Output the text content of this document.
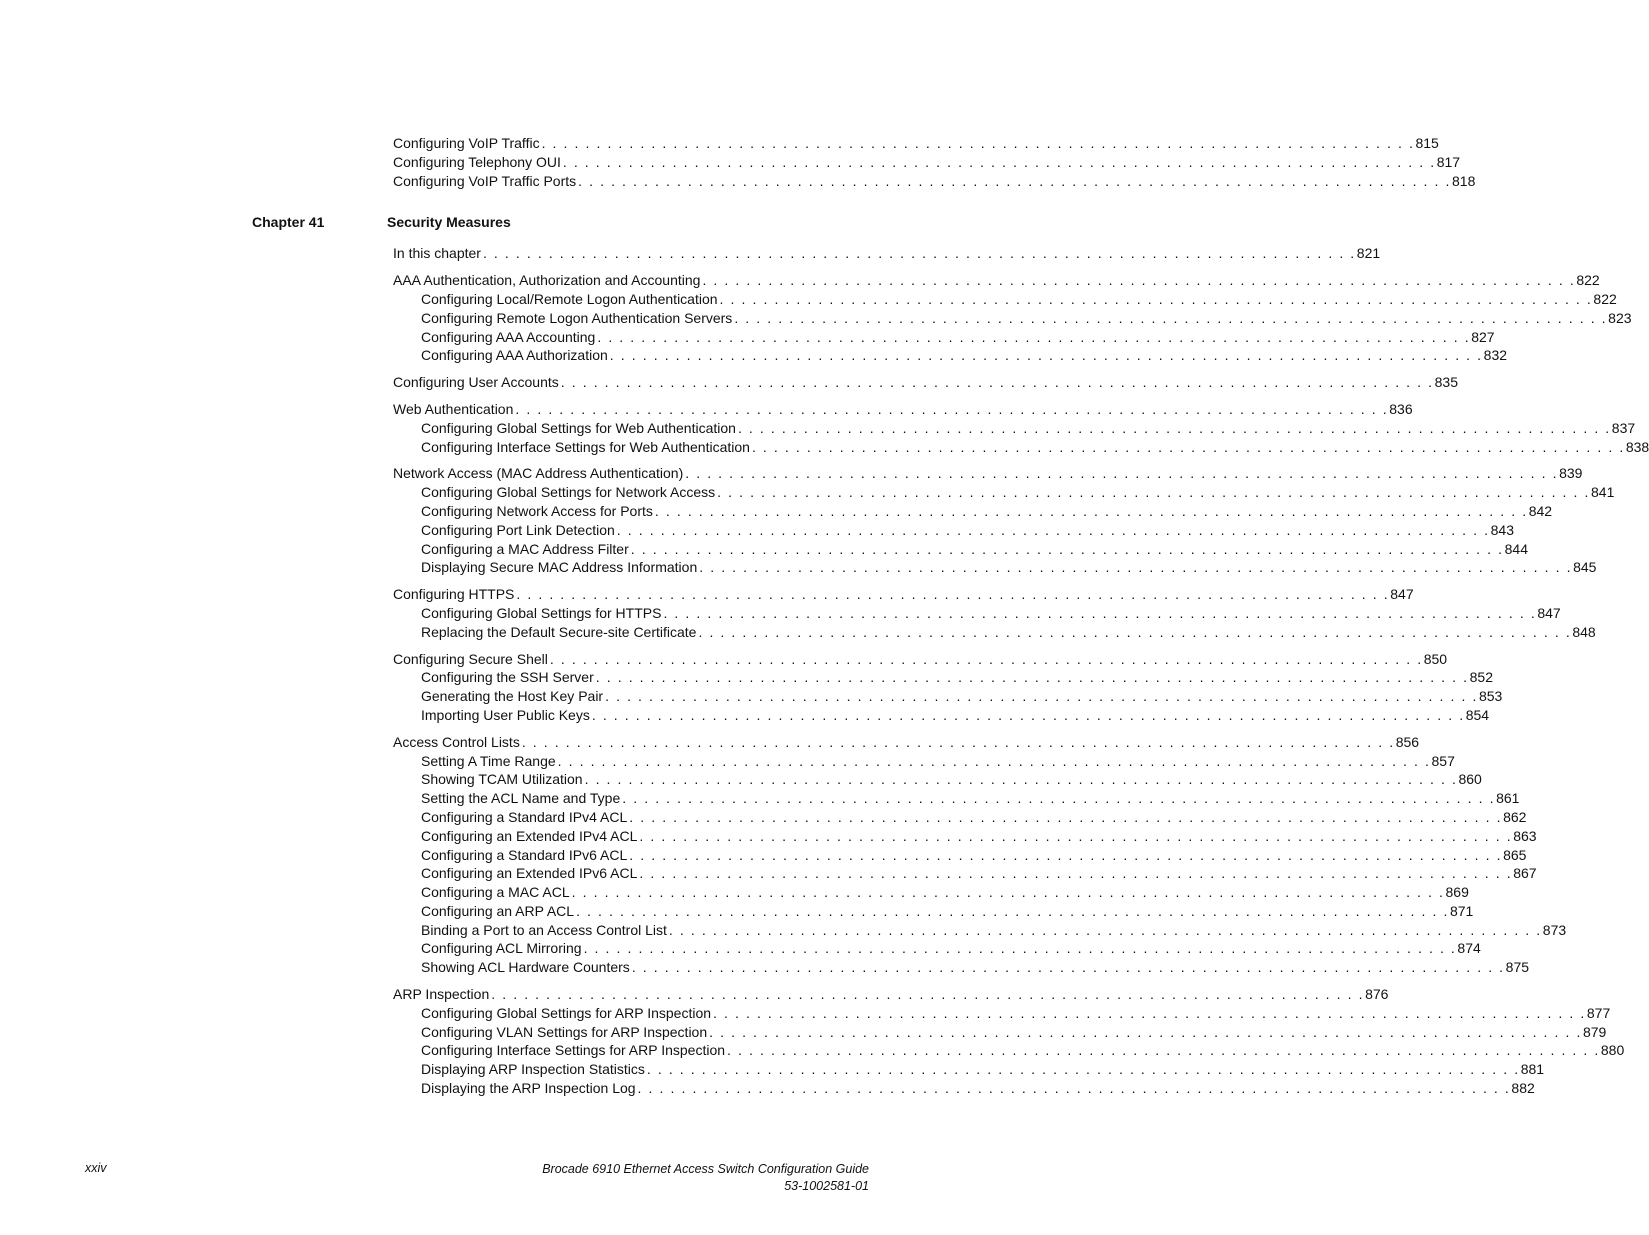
Configuring VoIP Traffic . . . . . . . . . . . . . . . . . . . . . . . . . . . . . . . . . . . . . . . . . . . . . . . . . . . . . . . . . . . . . . . . . . . . . . . . . . . . . . . . 815
Configuring Telephony OUI . . . . . . . . . . . . . . . . . . . . . . . . . . . . . . . . . . . . . . . . . . . . . . . . . . . . . . . . . . . . . . . . . . . . . . . . . . . . . . . . 817
Configuring VoIP Traffic Ports . . . . . . . . . . . . . . . . . . . . . . . . . . . . . . . . . . . . . . . . . . . . . . . . . . . . . . . . . . . . . . . . . . . . . . . . . . . . . . . . 818
Chapter 41	Security Measures
In this chapter . . . . . . . . . . . . . . . . . . . . . . . . . . . . . . . . . . . . . . . . . . . . . . . . . . . . . . . . . . . . . . . . . . . . . . . . . . . . . . . . 821
AAA Authentication, Authorization and Accounting . . . . . . . . . . . . . . . . . . . . . . . . . . . . . . . . . . . . . . . . . . . . . . . . . . . . . . . . . . . . . . . . . . . . . . . . . . . . . . . . 822
Configuring Local/Remote Logon Authentication . . . . . . . . . . . . . . . . . . . . . . . . . . . . . . . . . . . . . . . . . . . . . . . . . . . . . . . . . . . . . . . . . . . . . . . . . . . . . . . . 822
Configuring Remote Logon Authentication Servers . . . . . . . . . . . . . . . . . . . . . . . . . . . . . . . . . . . . . . . . . . . . . . . . . . . . . . . . . . . . . . . . . . . . . . . . . . . . . . . . 823
Configuring AAA Accounting . . . . . . . . . . . . . . . . . . . . . . . . . . . . . . . . . . . . . . . . . . . . . . . . . . . . . . . . . . . . . . . . . . . . . . . . . . . . . . . . 827
Configuring AAA Authorization . . . . . . . . . . . . . . . . . . . . . . . . . . . . . . . . . . . . . . . . . . . . . . . . . . . . . . . . . . . . . . . . . . . . . . . . . . . . . . . . 832
Configuring User Accounts . . . . . . . . . . . . . . . . . . . . . . . . . . . . . . . . . . . . . . . . . . . . . . . . . . . . . . . . . . . . . . . . . . . . . . . . . . . . . . . . 835
Web Authentication . . . . . . . . . . . . . . . . . . . . . . . . . . . . . . . . . . . . . . . . . . . . . . . . . . . . . . . . . . . . . . . . . . . . . . . . . . . . . . . . 836
Configuring Global Settings for Web Authentication . . . . . . . . . . . . . . . . . . . . . . . . . . . . . . . . . . . . . . . . . . . . . . . . . . . . . . . . . . . . . . . . . . . . . . . . . . . . . . . . 837
Configuring Interface Settings for Web Authentication . . . . . . . . . . . . . . . . . . . . . . . . . . . . . . . . . . . . . . . . . . . . . . . . . . . . . . . . . . . . . . . . . . . . . . . . . . . . . . . . 838
Network Access (MAC Address Authentication) . . . . . . . . . . . . . . . . . . . . . . . . . . . . . . . . . . . . . . . . . . . . . . . . . . . . . . . . . . . . . . . . . . . . . . . . . . . . . . . . 839
Configuring Global Settings for Network Access . . . . . . . . . . . . . . . . . . . . . . . . . . . . . . . . . . . . . . . . . . . . . . . . . . . . . . . . . . . . . . . . . . . . . . . . . . . . . . . . 841
Configuring Network Access for Ports . . . . . . . . . . . . . . . . . . . . . . . . . . . . . . . . . . . . . . . . . . . . . . . . . . . . . . . . . . . . . . . . . . . . . . . . . . . . . . . . 842
Configuring Port Link Detection . . . . . . . . . . . . . . . . . . . . . . . . . . . . . . . . . . . . . . . . . . . . . . . . . . . . . . . . . . . . . . . . . . . . . . . . . . . . . . . . 843
Configuring a MAC Address Filter . . . . . . . . . . . . . . . . . . . . . . . . . . . . . . . . . . . . . . . . . . . . . . . . . . . . . . . . . . . . . . . . . . . . . . . . . . . . . . . . 844
Displaying Secure MAC Address Information . . . . . . . . . . . . . . . . . . . . . . . . . . . . . . . . . . . . . . . . . . . . . . . . . . . . . . . . . . . . . . . . . . . . . . . . . . . . . . . . 845
Configuring HTTPS . . . . . . . . . . . . . . . . . . . . . . . . . . . . . . . . . . . . . . . . . . . . . . . . . . . . . . . . . . . . . . . . . . . . . . . . . . . . . . . . 847
Configuring Global Settings for HTTPS . . . . . . . . . . . . . . . . . . . . . . . . . . . . . . . . . . . . . . . . . . . . . . . . . . . . . . . . . . . . . . . . . . . . . . . . . . . . . . . . 847
Replacing the Default Secure-site Certificate . . . . . . . . . . . . . . . . . . . . . . . . . . . . . . . . . . . . . . . . . . . . . . . . . . . . . . . . . . . . . . . . . . . . . . . . . . . . . . . . 848
Configuring Secure Shell . . . . . . . . . . . . . . . . . . . . . . . . . . . . . . . . . . . . . . . . . . . . . . . . . . . . . . . . . . . . . . . . . . . . . . . . . . . . . . . . 850
Configuring the SSH Server . . . . . . . . . . . . . . . . . . . . . . . . . . . . . . . . . . . . . . . . . . . . . . . . . . . . . . . . . . . . . . . . . . . . . . . . . . . . . . . . 852
Generating the Host Key Pair . . . . . . . . . . . . . . . . . . . . . . . . . . . . . . . . . . . . . . . . . . . . . . . . . . . . . . . . . . . . . . . . . . . . . . . . . . . . . . . . 853
Importing User Public Keys . . . . . . . . . . . . . . . . . . . . . . . . . . . . . . . . . . . . . . . . . . . . . . . . . . . . . . . . . . . . . . . . . . . . . . . . . . . . . . . . 854
Access Control Lists . . . . . . . . . . . . . . . . . . . . . . . . . . . . . . . . . . . . . . . . . . . . . . . . . . . . . . . . . . . . . . . . . . . . . . . . . . . . . . . . 856
Setting A Time Range . . . . . . . . . . . . . . . . . . . . . . . . . . . . . . . . . . . . . . . . . . . . . . . . . . . . . . . . . . . . . . . . . . . . . . . . . . . . . . . . 857
Showing TCAM Utilization . . . . . . . . . . . . . . . . . . . . . . . . . . . . . . . . . . . . . . . . . . . . . . . . . . . . . . . . . . . . . . . . . . . . . . . . . . . . . . . . 860
Setting the ACL Name and Type . . . . . . . . . . . . . . . . . . . . . . . . . . . . . . . . . . . . . . . . . . . . . . . . . . . . . . . . . . . . . . . . . . . . . . . . . . . . . . . . 861
Configuring a Standard IPv4 ACL . . . . . . . . . . . . . . . . . . . . . . . . . . . . . . . . . . . . . . . . . . . . . . . . . . . . . . . . . . . . . . . . . . . . . . . . . . . . . . . . 862
Configuring an Extended IPv4 ACL . . . . . . . . . . . . . . . . . . . . . . . . . . . . . . . . . . . . . . . . . . . . . . . . . . . . . . . . . . . . . . . . . . . . . . . . . . . . . . . . 863
Configuring a Standard IPv6 ACL . . . . . . . . . . . . . . . . . . . . . . . . . . . . . . . . . . . . . . . . . . . . . . . . . . . . . . . . . . . . . . . . . . . . . . . . . . . . . . . . 865
Configuring an Extended IPv6 ACL . . . . . . . . . . . . . . . . . . . . . . . . . . . . . . . . . . . . . . . . . . . . . . . . . . . . . . . . . . . . . . . . . . . . . . . . . . . . . . . . 867
Configuring a MAC ACL . . . . . . . . . . . . . . . . . . . . . . . . . . . . . . . . . . . . . . . . . . . . . . . . . . . . . . . . . . . . . . . . . . . . . . . . . . . . . . . . 869
Configuring an ARP ACL . . . . . . . . . . . . . . . . . . . . . . . . . . . . . . . . . . . . . . . . . . . . . . . . . . . . . . . . . . . . . . . . . . . . . . . . . . . . . . . . 871
Binding a Port to an Access Control List . . . . . . . . . . . . . . . . . . . . . . . . . . . . . . . . . . . . . . . . . . . . . . . . . . . . . . . . . . . . . . . . . . . . . . . . . . . . . . . . 873
Configuring ACL Mirroring . . . . . . . . . . . . . . . . . . . . . . . . . . . . . . . . . . . . . . . . . . . . . . . . . . . . . . . . . . . . . . . . . . . . . . . . . . . . . . . . 874
Showing ACL Hardware Counters . . . . . . . . . . . . . . . . . . . . . . . . . . . . . . . . . . . . . . . . . . . . . . . . . . . . . . . . . . . . . . . . . . . . . . . . . . . . . . . . 875
ARP Inspection . . . . . . . . . . . . . . . . . . . . . . . . . . . . . . . . . . . . . . . . . . . . . . . . . . . . . . . . . . . . . . . . . . . . . . . . . . . . . . . . 876
Configuring Global Settings for ARP Inspection . . . . . . . . . . . . . . . . . . . . . . . . . . . . . . . . . . . . . . . . . . . . . . . . . . . . . . . . . . . . . . . . . . . . . . . . . . . . . . . . 877
Configuring VLAN Settings for ARP Inspection . . . . . . . . . . . . . . . . . . . . . . . . . . . . . . . . . . . . . . . . . . . . . . . . . . . . . . . . . . . . . . . . . . . . . . . . . . . . . . . . 879
Configuring Interface Settings for ARP Inspection . . . . . . . . . . . . . . . . . . . . . . . . . . . . . . . . . . . . . . . . . . . . . . . . . . . . . . . . . . . . . . . . . . . . . . . . . . . . . . . . 880
Displaying ARP Inspection Statistics . . . . . . . . . . . . . . . . . . . . . . . . . . . . . . . . . . . . . . . . . . . . . . . . . . . . . . . . . . . . . . . . . . . . . . . . . . . . . . . . 881
Displaying the ARP Inspection Log . . . . . . . . . . . . . . . . . . . . . . . . . . . . . . . . . . . . . . . . . . . . . . . . . . . . . . . . . . . . . . . . . . . . . . . . . . . . . . . . 882
xxiv	Brocade 6910 Ethernet Access Switch Configuration Guide
53-1002581-01
